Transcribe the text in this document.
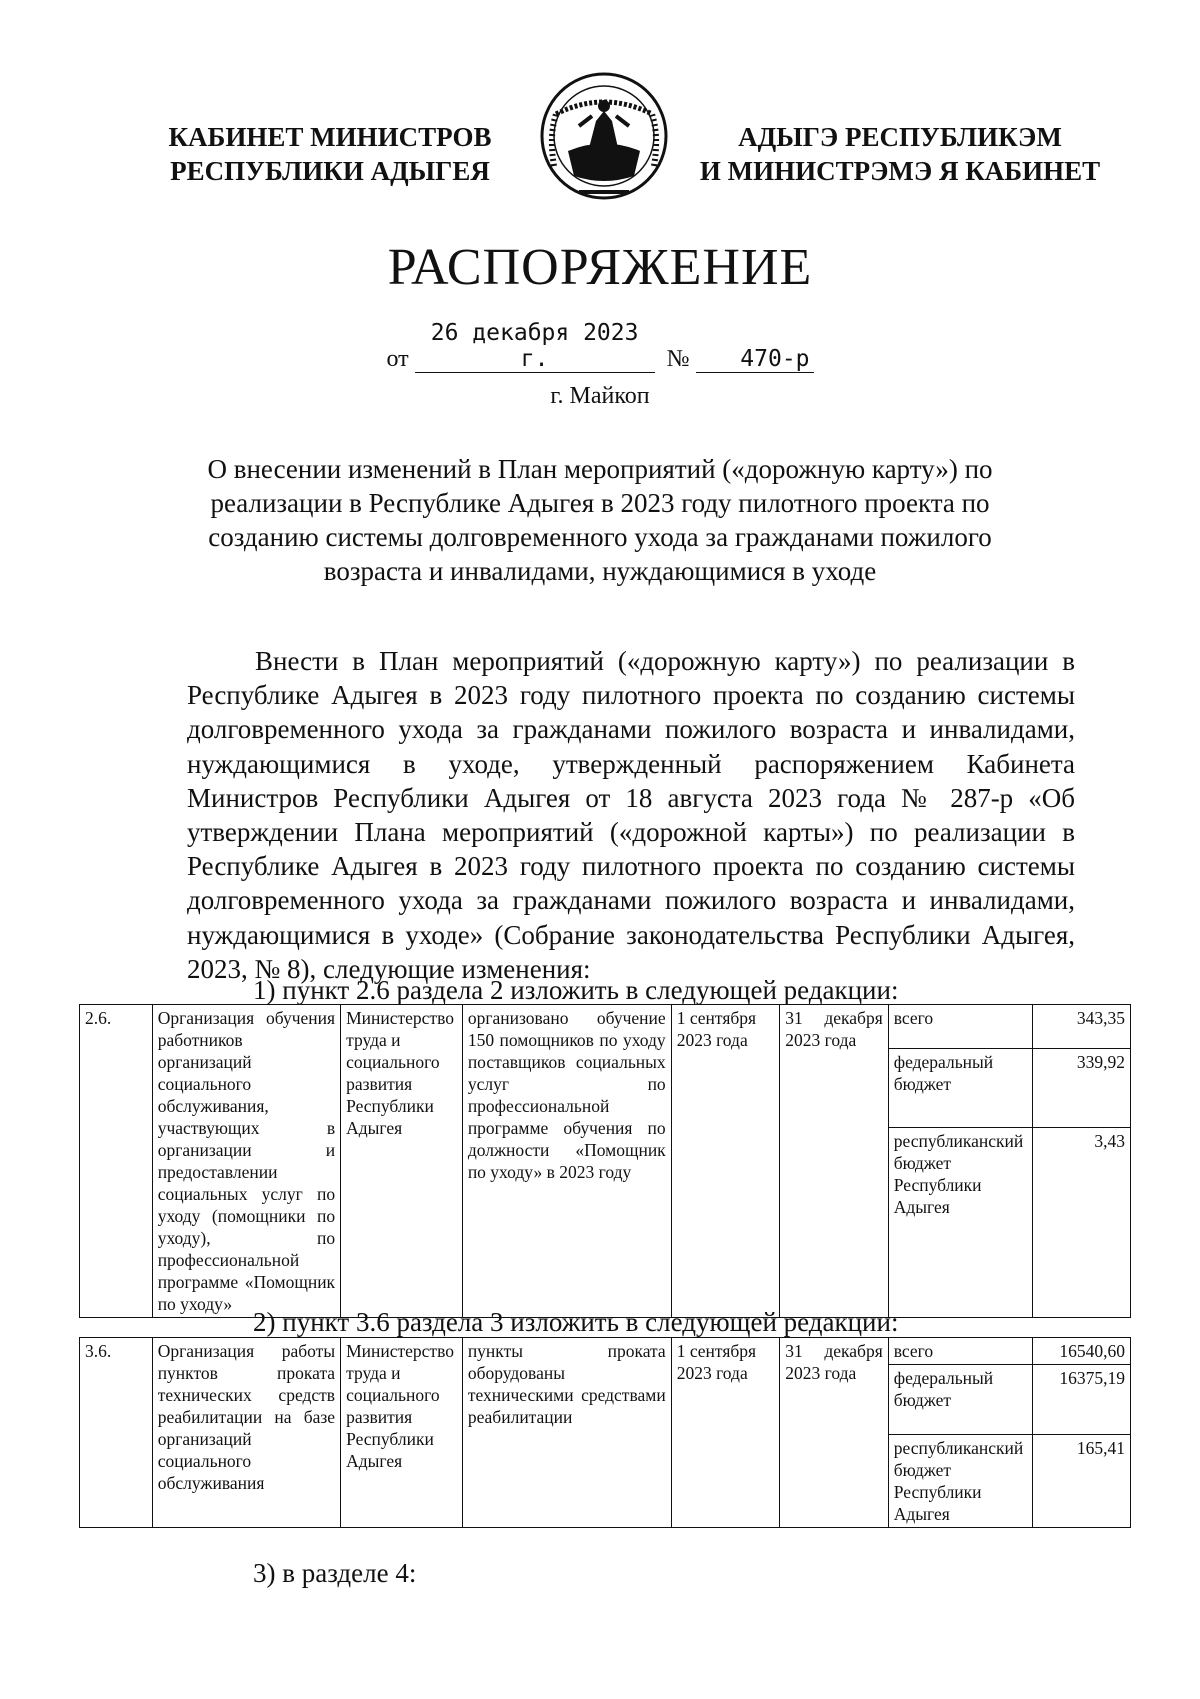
КАБИНЕТ МИНИСТРОВ
РЕСПУБЛИКИ АДЫГЕЯ
АДЫГЭ РЕСПУБЛИКЭМ
И МИНИСТРЭМЭ Я КАБИНЕТ
РАСПОРЯЖЕНИЕ
от 26 декабря 2023 г.	№ 470-р
г. Майкоп
О внесении изменений в План мероприятий («дорожную карту») по реализации в Республике Адыгея в 2023 году пилотного проекта по созданию системы долговременного ухода за гражданами пожилого возраста и инвалидами, нуждающимися в уходе

Внести в План мероприятий («дорожную карту») по реализации в Республике Адыгея в 2023 году пилотного проекта по созданию системы долговременного ухода за гражданами пожилого возраста и инвалидами, нуждающимися в уходе, утвержденный распоряжением Кабинета Министров Республики Адыгея от 18 августа 2023 года № 287-р «Об утверждении Плана мероприятий («дорожной карты») по реализации в Республике Адыгея в 2023 году пилотного проекта по созданию системы долговременного ухода за гражданами пожилого возраста и инвалидами, нуждающимися в уходе» (Собрание законодательства Республики Адыгея, 2023, № 8), следующие изменения:

1) пункт 2.6 раздела 2 изложить в следующей редакции:
2.6.	Организация обучения работников организаций социального обслуживания, участвующих в организации и предоставлении социальных услуг по уходу (помощники по уходу), по профессиональной программе «Помощник по уходу»	Министерство труда и социального развития Республики Адыгея	организовано обучение 150 помощников по уходу поставщиков социальных услуг по профессиональной программе обучения по должности «Помощник по уходу» в 2023 году	1 сентября 2023 года	31 декабря 2023 года	всего	343,35
						федеральный бюджет	339,92
						республиканский бюджет Республики Адыгея	3,43
2) пункт 3.6 раздела 3 изложить в следующей редакции:
3.6.	Организация работы пунктов проката технических средств реабилитации на базе организаций социального обслуживания	Министерство труда и социального развития Республики Адыгея	пункты проката оборудованы техническими средствами реабилитации	1 сентября 2023 года	31 декабря 2023 года	всего	16540,60
						федеральный бюджет	16375,19
						республиканский бюджет Республики Адыгея	165,41
3) в разделе 4:
